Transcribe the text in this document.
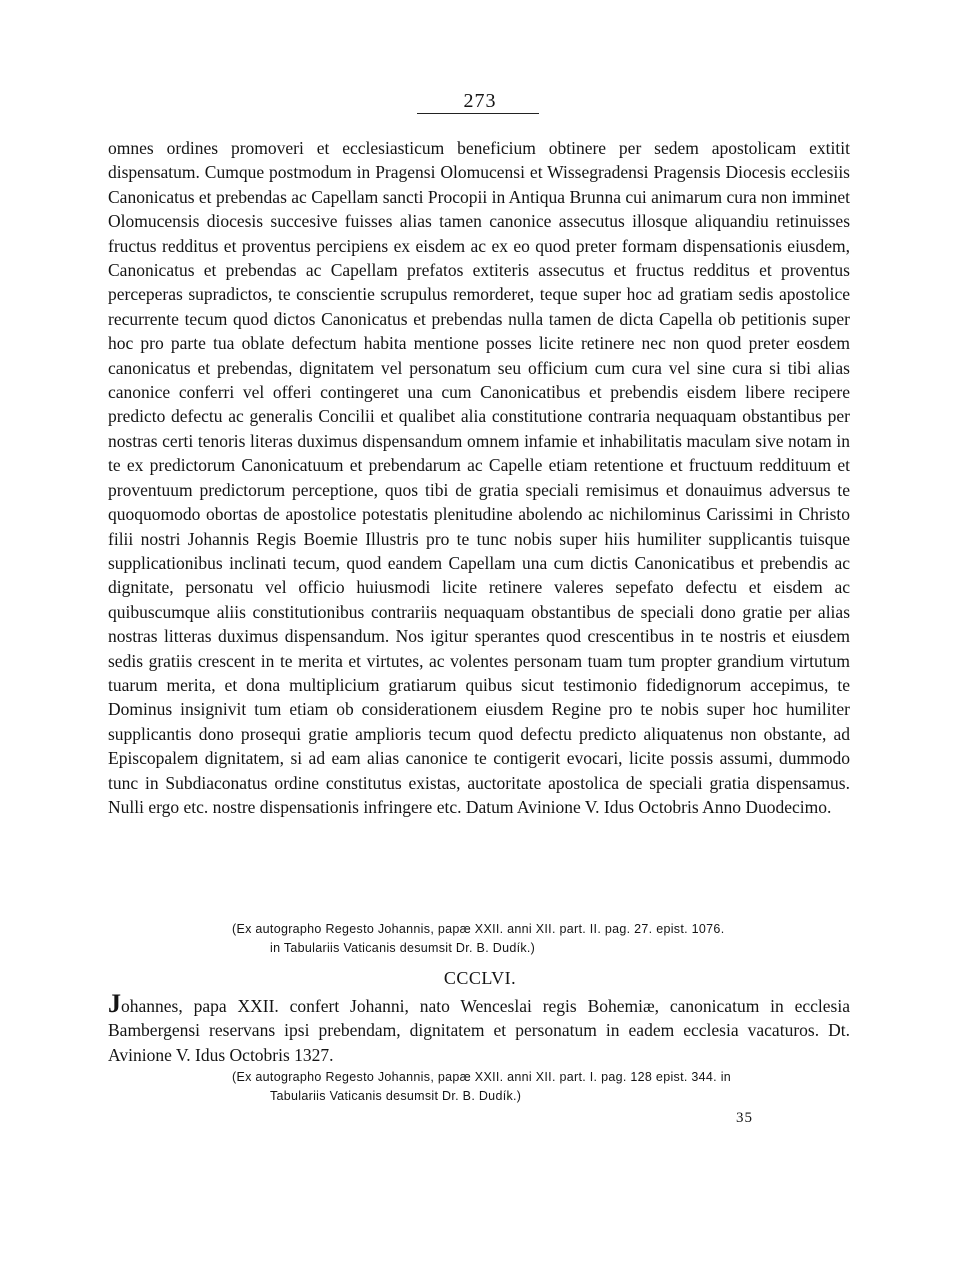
273

omnes ordines promoveri et ecclesiasticum beneficium obtinere per sedem apostolicam extitit dispensatum. Cumque postmodum in Pragensi Olomucensi et Wissegradensi Pragensis Diocesis ecclesiis Canonicatus et prebendas ac Capellam sancti Procopii in Antiqua Brunna cui animarum cura non imminet Olomucensis diocesis succesive fuisses alias tamen canonice assecutus illosque aliquandiu retinuisses fructus redditus et proventus percipiens ex eisdem ac ex eo quod preter formam dispensationis eiusdem, Canonicatus et prebendas ac Capellam prefatos extiteris assecutus et fructus redditus et proventus perceperas supradictos, te conscientie scrupulus remorderet, teque super hoc ad gratiam sedis apostolice recurrente tecum quod dictos Canonicatus et prebendas nulla tamen de dicta Capella ob petitionis super hoc pro parte tua oblate defectum habita mentione posses licite retinere nec non quod preter eosdem canonicatus et prebendas, dignitatem vel personatum seu officium cum cura vel sine cura si tibi alias canonice conferri vel offeri contingeret una cum Canonicatibus et prebendis eisdem libere recipere predicto defectu ac generalis Concilii et qualibet alia constitutione contraria nequaquam obstantibus per nostras certi tenoris literas duximus dispensandum omnem infamie et inhabilitatis maculam sive notam in te ex predictorum Canonicatuum et prebendarum ac Capelle etiam retentione et fructuum reddituum et proventuum predictorum perceptione, quos tibi de gratia speciali remisimus et donauimus adversus te quoquomodo obortas de apostolice potestatis plenitudine abolendo ac nichilominus Carissimi in Christo filii nostri Johannis Regis Boemie Illustris pro te tunc nobis super hiis humiliter supplicantis tuisque supplicationibus inclinati tecum, quod eandem Capellam una cum dictis Canonicatibus et prebendis ac dignitate, personatu vel officio huiusmodi licite retinere valeres sepefato defectu et eisdem ac quibuscumque aliis constitutionibus contrariis nequaquam obstantibus de speciali dono gratie per alias nostras litteras duximus dispensandum. Nos igitur sperantes quod crescentibus in te nostris et eiusdem sedis gratiis crescent in te merita et virtutes, ac volentes personam tuam tum propter grandium virtutum tuarum merita, et dona multiplicium gratiarum quibus sicut testimonio fidedignorum accepimus, te Dominus insignivit tum etiam ob considerationem eiusdem Regine pro te nobis super hoc humiliter supplicantis dono prosequi gratie amplioris tecum quod defectu predicto aliquatenus non obstante, ad Episcopalem dignitatem, si ad eam alias canonice te contigerit evocari, licite possis assumi, dummodo tunc in Subdiaconatus ordine constitutus existas, auctoritate apostolica de speciali gratia dispensamus. Nulli ergo etc. nostre dispensationis infringere etc. Datum Avinione V. Idus Octobris Anno Duodecimo.

(Ex autographo Regesto Johannis, papæ XXII. anni XII. part. II. pag. 27. epist. 1076.
in Tabulariis Vaticanis desumsit Dr. B. Dudík.)
CCCLVI.
Johannes, papa XXII. confert Johanni, nato Wenceslai regis Bohemiæ, canonicatum in ecclesia Bambergensi reservans ipsi prebendam, dignitatem et personatum in eadem ecclesia vacaturos. Dt. Avinione V. Idus Octobris 1327.
(Ex autographo Regesto Johannis, papæ XXII. anni XII. part. I. pag. 128 epist. 344. in
Tabulariis Vaticanis desumsit Dr. B. Dudík.)
35
